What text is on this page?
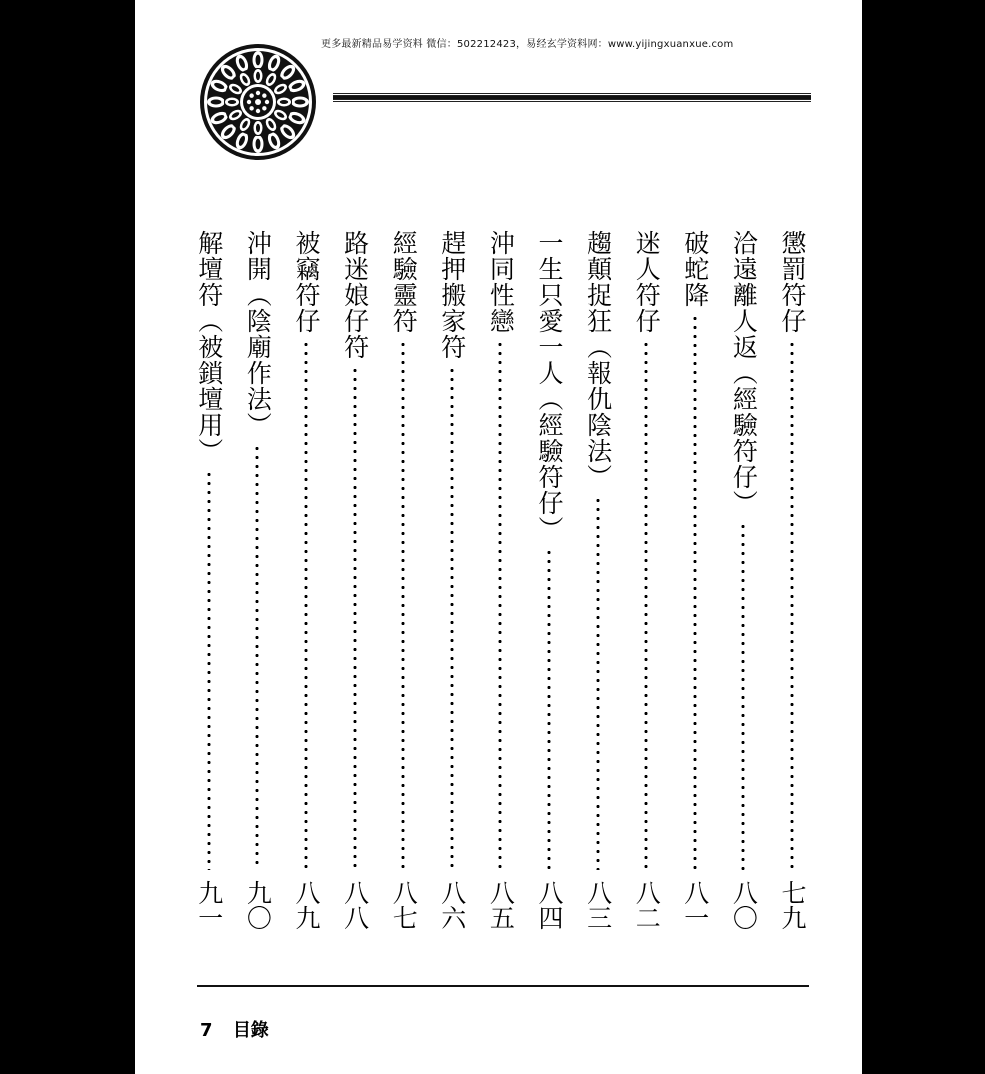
更多最新精品易学资料 微信：502212423，易经玄学资料网：www.yijingxuanxue.com
懲罰符仔
七九
洽遠離人返（經驗符仔）
八〇
破蛇降
八一
迷人符仔
八二
趨顛捉狂（報仇陰法）
八三
一生只愛一人（經驗符仔）
八四
沖同性戀
八五
趕押搬家符
八六
經驗靈符
八七
路迷娘仔符
八八
被竊符仔
八九
沖開（陰廟作法）
九〇
解壇符（被鎖壇用）
九一
7 目錄
